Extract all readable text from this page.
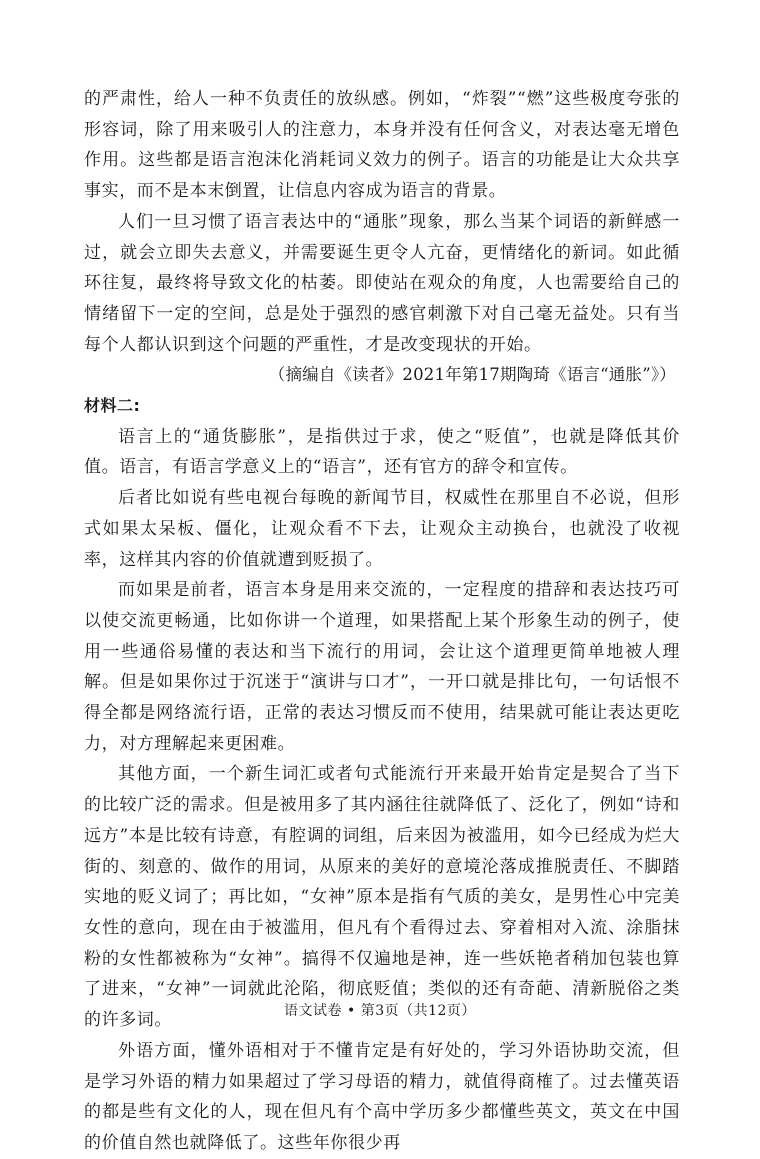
的严肃性，给人一种不负责任的放纵感。例如，“炸裂”“燃”这些极度夸张的形容词，除了用来吸引人的注意力，本身并没有任何含义，对表达毫无增色作用。这些都是语言泡沫化消耗词义效力的例子。语言的功能是让大众共享事实，而不是本末倒置，让信息内容成为语言的背景。

人们一旦习惯了语言表达中的“通胀”现象，那么当某个词语的新鲜感一过，就会立即失去意义，并需要诞生更令人亢奋，更情绪化的新词。如此循环往复，最终将导致文化的枯萎。即使站在观众的角度，人也需要给自己的情绪留下一定的空间，总是处于强烈的感官刺激下对自己毫无益处。只有当每个人都认识到这个问题的严重性，才是改变现状的开始。

（摘编自《读者》2021年第17期陶琦《语言“通胀”》）

材料二:

语言上的“通货膨胀”，是指供过于求，使之“贬值”，也就是降低其价值。语言，有语言学意义上的“语言”，还有官方的辞令和宣传。

后者比如说有些电视台每晚的新闻节目，权威性在那里自不必说，但形式如果太呆板、僵化，让观众看不下去，让观众主动换台，也就没了收视率，这样其内容的价值就遭到贬损了。

而如果是前者，语言本身是用来交流的，一定程度的措辞和表达技巧可以使交流更畅通，比如你讲一个道理，如果搭配上某个形象生动的例子，使用一些通俗易懂的表达和当下流行的用词，会让这个道理更简单地被人理解。但是如果你过于沉迷于“演讲与口才”，一开口就是排比句，一句话恨不得全都是网络流行语，正常的表达习惯反而不使用，结果就可能让表达更吃力，对方理解起来更困难。

其他方面，一个新生词汇或者句式能流行开来最开始肯定是契合了当下的比较广泛的需求。但是被用多了其内涵往往就降低了、泛化了，例如“诗和远方”本是比较有诗意，有腔调的词组，后来因为被滥用，如今已经成为烂大街的、刻意的、做作的用词，从原来的美好的意境沦落成推脱责任、不脚踏实地的贬义词了；再比如，“女神”原本是指有气质的美女，是男性心中完美女性的意向，现在由于被滥用，但凡有个看得过去、穿着相对入流、涂脂抹粉的女性都被称为“女神”。搞得不仅遍地是神，连一些妖艳者稍加包装也算了进来，“女神”一词就此沦陷，彻底贬值；类似的还有奇葩、清新脱俗之类的许多词。

外语方面，懂外语相对于不懂肯定是有好处的，学习外语协助交流，但是学习外语的精力如果超过了学习母语的精力，就值得商榷了。过去懂英语的都是些有文化的人，现在但凡有个高中学历多少都懂些英文，英文在中国的价值自然也就降低了。这些年你很少再

语文试卷 • 第3页（共12页）
